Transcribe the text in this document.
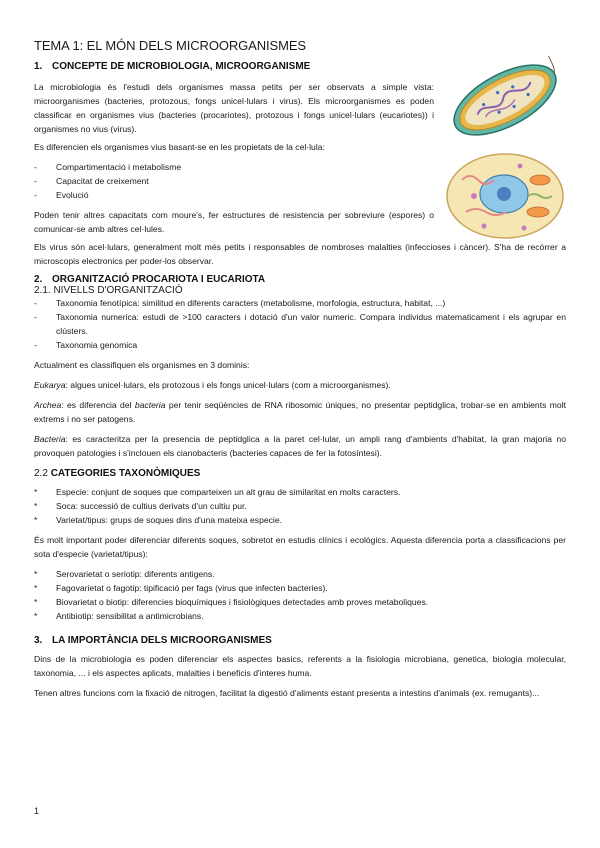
TEMA 1: EL MÓN DELS MICROORGANISMES
1. CONCEPTE DE MICROBIOLOGIA, MICROORGANISME

La microbiologia és l'estudi dels organismes massa petits per ser observats a simple vista: microorganismes (bacteries, protozous, fongs unicel·lulars i virus). Els microorganismes es poden classificar en organismes vius (bacteries (procariotes), protozous i fongs unicel·lulars (eucariotes)) i organismes no vius (virus).

Es diferencien els organismes vius basant-se en les propietats de la cel·lula:

- Compartimentació i metabolisme
- Capacitat de creixement
- Evolució

Poden tenir altres capacitats com moure's, fer estructures de resistencia per sobreviure (espores) o comunicar-se amb altres cel·lules.

Els virus són acel·lulars, generalment molt més petits i responsables de nombroses malalties (infeccioses i càncer). S'ha de recórrer a microscopis electronics per poder-los observar.

2. ORGANITZACIÓ PROCARIOTA I EUCARIOTA
2.1. NIVELLS D'ORGANITZACIÓ
- Taxonomia fenotípica: similitud en diferents caracters (metabolisme, morfologia, estructura, habitat, ...)
- Taxonomia numerica: estudi de >100 caracters i dotació d'un valor numeric. Compara individus matematicament i els agrupar en clústers.
- Taxonomia genomica

Actualment es classifiquen els organismes en 3 dominis:

Eukarya: algues unicel·lulars, els protozous i els fongs unicel·lulars (com a microorganismes).

Archea: es diferencia del bacteria per tenir seqüències de RNA ribosomic úniques, no presentar peptidglica, trobar-se en ambients molt extrems i no ser patogens.

Bacteria: es caracteritza per la presencia de peptidglica a la paret cel·lular, un ampli rang d'ambients d'habitat, la gran majoria no provoquen patologies i s'inclouen els cianobacteris (bacteries capaces de fer la fotosíntesi).

2.2 CATEGORIES TAXONÒMIQUES
* Especie: conjunt de soques que comparteixen un alt grau de similaritat en molts caracters.
* Soca: successió de cultius derivats d'un cultiu pur.
* Varietat/tipus: grups de soques dins d'una mateixa especie.

És molt important poder diferenciar diferents soques, sobretot en estudis clínics i ecològics. Aquesta diferencia porta a classificacions per sota d'especie (varietat/tipus):

* Serovarietat o seriotip: diferents antigens.
* Fagovarietat o fagotip: tipificació per fags (virus que infecten bacteries).
* Biovarietat o biotip: diferencies bioquímiques i fisiològiques detectades amb proves metaboliques.
* Antibiotip: sensibilitat a antimicrobians.
3. LA IMPORTÀNCIA DELS MICROORGANISMES

Dins de la microbiologia es poden diferenciar els aspectes basics, referents a la fisiologia microbiana, genetica, biologia molecular, taxonomia, ... i els aspectes aplicats, malalties i beneficis d'interes huma.

Tenen altres funcions com la fixació de nitrogen, facilitat la digestió d'aliments estant presenta a intestins d'animals (ex. remugants)...

1
